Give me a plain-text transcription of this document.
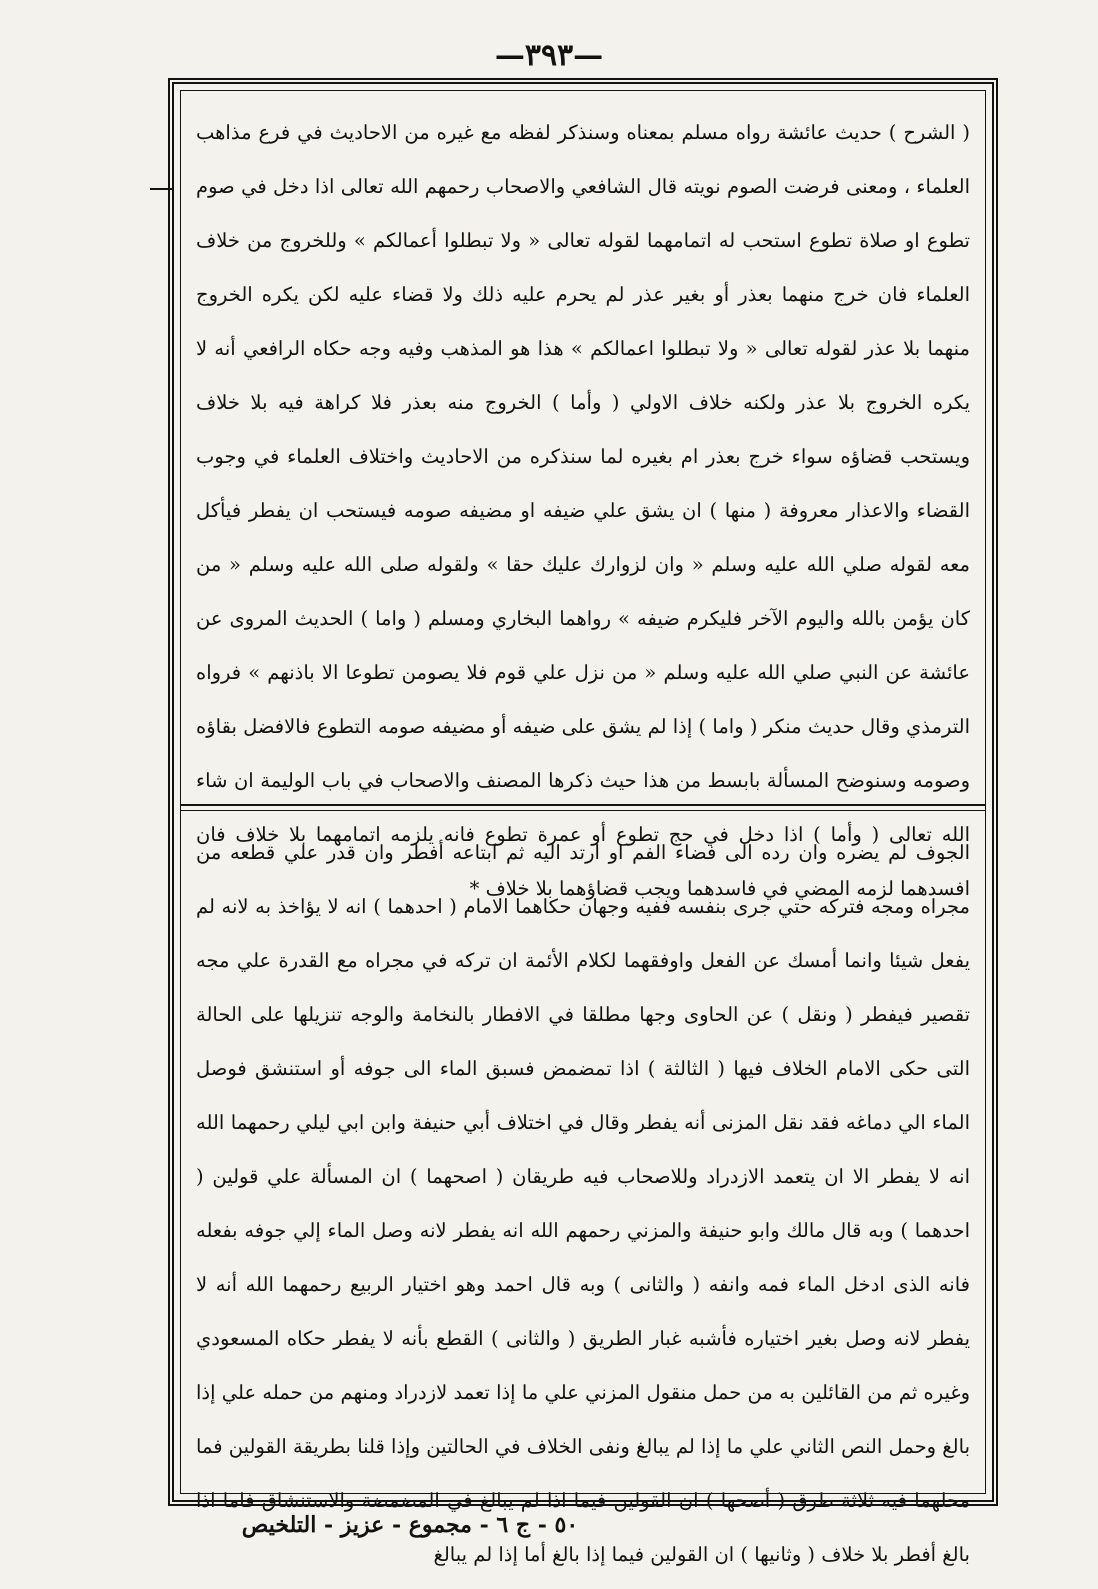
—٣٩٣—
( الشرح ) حديث عائشة رواه مسلم بمعناه وسنذكر لفظه مع غيره من الاحاديث في فرع مذاهب العلماء ، ومعنى فرضت الصوم نويته قال الشافعي والاصحاب رحمهم الله تعالى اذا دخل في صوم تطوع او صلاة تطوع استحب له اتمامهما لقوله تعالى « ولا تبطلوا أعمالكم » وللخروج من خلاف العلماء فان خرج منهما بعذر أو بغير عذر لم يحرم عليه ذلك ولا قضاء عليه لكن يكره الخروج منهما بلا عذر لقوله تعالى « ولا تبطلوا اعمالكم » هذا هو المذهب وفيه وجه حكاه الرافعي أنه لا يكره الخروج بلا عذر ولكنه خلاف الاولي ( وأما ) الخروج منه بعذر فلا كراهة فيه بلا خلاف ويستحب قضاؤه سواء خرج بعذر ام بغيره لما سنذكره من الاحاديث واختلاف العلماء في وجوب القضاء والاعذار معروفة ( منها ) ان يشق علي ضيفه او مضيفه صومه فيستحب ان يفطر فيأكل معه لقوله صلي الله عليه وسلم « وان لزوارك عليك حقا » ولقوله صلى الله عليه وسلم « من كان يؤمن بالله واليوم الآخر فليكرم ضيفه » رواهما البخاري ومسلم ( واما ) الحديث المروى عن عائشة عن النبي صلي الله عليه وسلم « من نزل علي قوم فلا يصومن تطوعا الا باذنهم » فرواه الترمذي وقال حديث منكر ( واما ) إذا لم يشق على ضيفه أو مضيفه صومه التطوع فالافضل بقاؤه وصومه وسنوضح المسألة بابسط من هذا حيث ذكرها المصنف والاصحاب في باب الوليمة ان شاء الله تعالى ( وأما ) اذا دخل في حج تطوع أو عمرة تطوع فانه يلزمه اتمامهما بلا خلاف فان افسدهما لزمه المضي في فاسدهما ويجب قضاؤهما بلا خلاف *
الجوف لم يضره وان رده الى فضاء الفم او ارتد اليه ثم ابتاعه أفطر وان قدر علي قطعه من مجراه ومجه فتركه حتي جرى بنفسه ففيه وجهان حكاهما الامام ( احدهما ) انه لا يؤاخذ به لانه لم يفعل شيئا وانما أمسك عن الفعل واوفقهما لكلام الأئمة ان تركه في مجراه مع القدرة علي مجه تقصير فيفطر ( ونقل ) عن الحاوى وجها مطلقا في الافطار بالنخامة والوجه تنزيلها على الحالة التى حكى الامام الخلاف فيها ( الثالثة ) اذا تمضمض فسبق الماء الى جوفه أو استنشق فوصل الماء الي دماغه فقد نقل المزنى أنه يفطر وقال في اختلاف أبي حنيفة وابن ابي ليلي رحمهما الله انه لا يفطر الا ان يتعمد الازدراد وللاصحاب فيه طريقان ( اصحهما ) ان المسألة علي قولين ( احدهما ) وبه قال مالك وابو حنيفة والمزني رحمهم الله انه يفطر لانه وصل الماء إلي جوفه بفعله فانه الذى ادخل الماء فمه وانفه ( والثانى ) وبه قال احمد وهو اختيار الربيع رحمهما الله أنه لا يفطر لانه وصل بغير اختياره فأشبه غبار الطريق ( والثانى ) القطع بأنه لا يفطر حكاه المسعودي وغيره ثم من القائلين به من حمل منقول المزني علي ما إذا تعمد لازدراد ومنهم من حمله علي إذا بالغ وحمل النص الثاني علي ما إذا لم يبالغ ونفى الخلاف في الحالتين وإذا قلنا بطريقة القولين فما محلهما فيه ثلاثة طرق ( أصحها ) ان القولين فيما اذا لم يبالغ في المضمضة والاستنشاق فاما اذا بالغ أفطر بلا خلاف ( وثانيها ) ان القولين فيما إذا بالغ أما إذا لم يبالغ
٥٠ - ج ٦ - مجموع - عزيز - التلخيص
